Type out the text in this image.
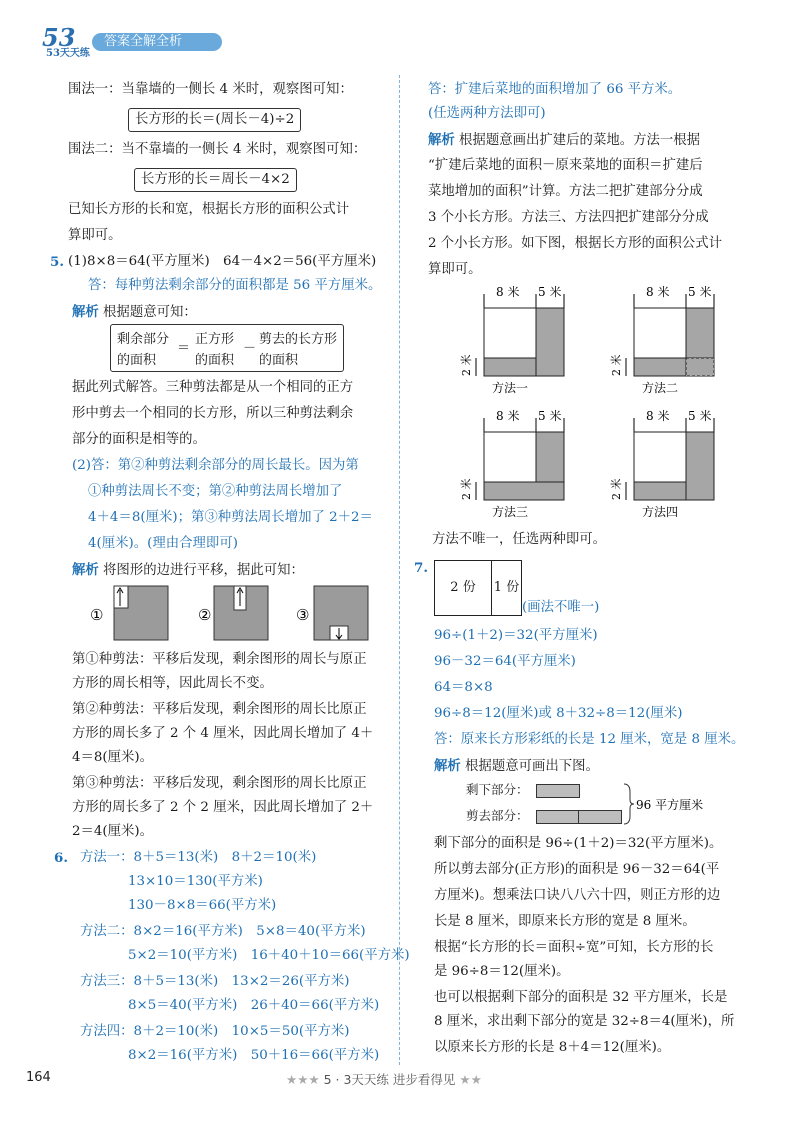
53
53天天练
答案全解全析
围法一：当靠墙的一侧长 4 米时，观察图可知：
长方形的长＝(周长－4)÷2
围法二：当不靠墙的一侧长 4 米时，观察图可知：
长方形的长＝周长－4×2
已知长方形的长和宽，根据长方形的面积公式计
算即可。
5. (1)8×8＝64(平方厘米)　64－4×2＝56(平方厘米)
答：每种剪法剩余部分的面积都是 56 平方厘米。
解析 根据题意可知：
剩余部分
的面积
＝
正方形
的面积
－
剪去的长方形
的面积
据此列式解答。三种剪法都是从一个相同的正方
形中剪去一个相同的长方形，所以三种剪法剩余
部分的面积是相等的。
(2)答：第②种剪法剩余部分的周长最长。因为第
①种剪法周长不变；第②种剪法周长增加了
4＋4＝8(厘米)；第③种剪法周长增加了 2＋2＝
4(厘米)。(理由合理即可)
解析 将图形的边进行平移，据此可知：
①	②	③
第①种剪法：平移后发现，剩余图形的周长与原正
方形的周长相等，因此周长不变。
第②种剪法：平移后发现，剩余图形的周长比原正
方形的周长多了 2 个 4 厘米，因此周长增加了 4＋
4＝8(厘米)。
第③种剪法：平移后发现，剩余图形的周长比原正
方形的周长多了 2 个 2 厘米，因此周长增加了 2＋
2＝4(厘米)。
6. 方法一：8＋5＝13(米)　8＋2＝10(米)
13×10＝130(平方米)
130－8×8＝66(平方米)
方法二：8×2＝16(平方米)　5×8＝40(平方米)
5×2＝10(平方米)　 16＋40＋10＝66(平方米)
方法三：8＋5＝13(米)　13×2＝26(平方米)
8×5＝40(平方米)　26＋40＝66(平方米)
方法四：8＋2＝10(米)　10×5＝50(平方米)
8×2＝16(平方米)　50＋16＝66(平方米)
答：扩建后菜地的面积增加了 66 平方米。
(任选两种方法即可)
解析 根据题意画出扩建后的菜地。方法一根据
“扩建后菜地的面积－原来菜地的面积＝扩建后
菜地增加的面积”计算。方法二把扩建部分分成
3 个小长方形。方法三、方法四把扩建部分分成
2 个小长方形。如下图，根据长方形的面积公式计
算即可。
8 米 5 米
2 米
方法一
8 米 5 米
2 米
方法二
8 米 5 米
2 米
方法三
8 米 5 米
2 米
方法四
方法不唯一，任选两种即可。
7.
2 份	1 份
(画法不唯一)
96÷(1＋2)＝32(平方厘米)
96－32＝64(平方厘米)
64＝8×8
96÷8＝12(厘米)或 8＋32÷8＝12(厘米)
答：原来长方形彩纸的长是 12 厘米，宽是 8 厘米。
解析 根据题意可画出下图。
剩下部分：
剪去部分：
96 平方厘米
剩下部分的面积是 96÷(1＋2)＝32(平方厘米)。
所以剪去部分(正方形)的面积是 96－32＝64(平
方厘米)。想乘法口诀八八六十四，则正方形的边
长是 8 厘米，即原来长方形的宽是 8 厘米。
根据“长方形的长＝面积÷宽”可知，长方形的长
是 96÷8＝12(厘米)。
也可以根据剩下部分的面积是 32 平方厘米，长是
8 厘米，求出剩下部分的宽是 32÷8＝4(厘米)，所
以原来长方形的长是 8＋4＝12(厘米)。
164	★★★ 5 · 3天天练 进步看得见 ★★
